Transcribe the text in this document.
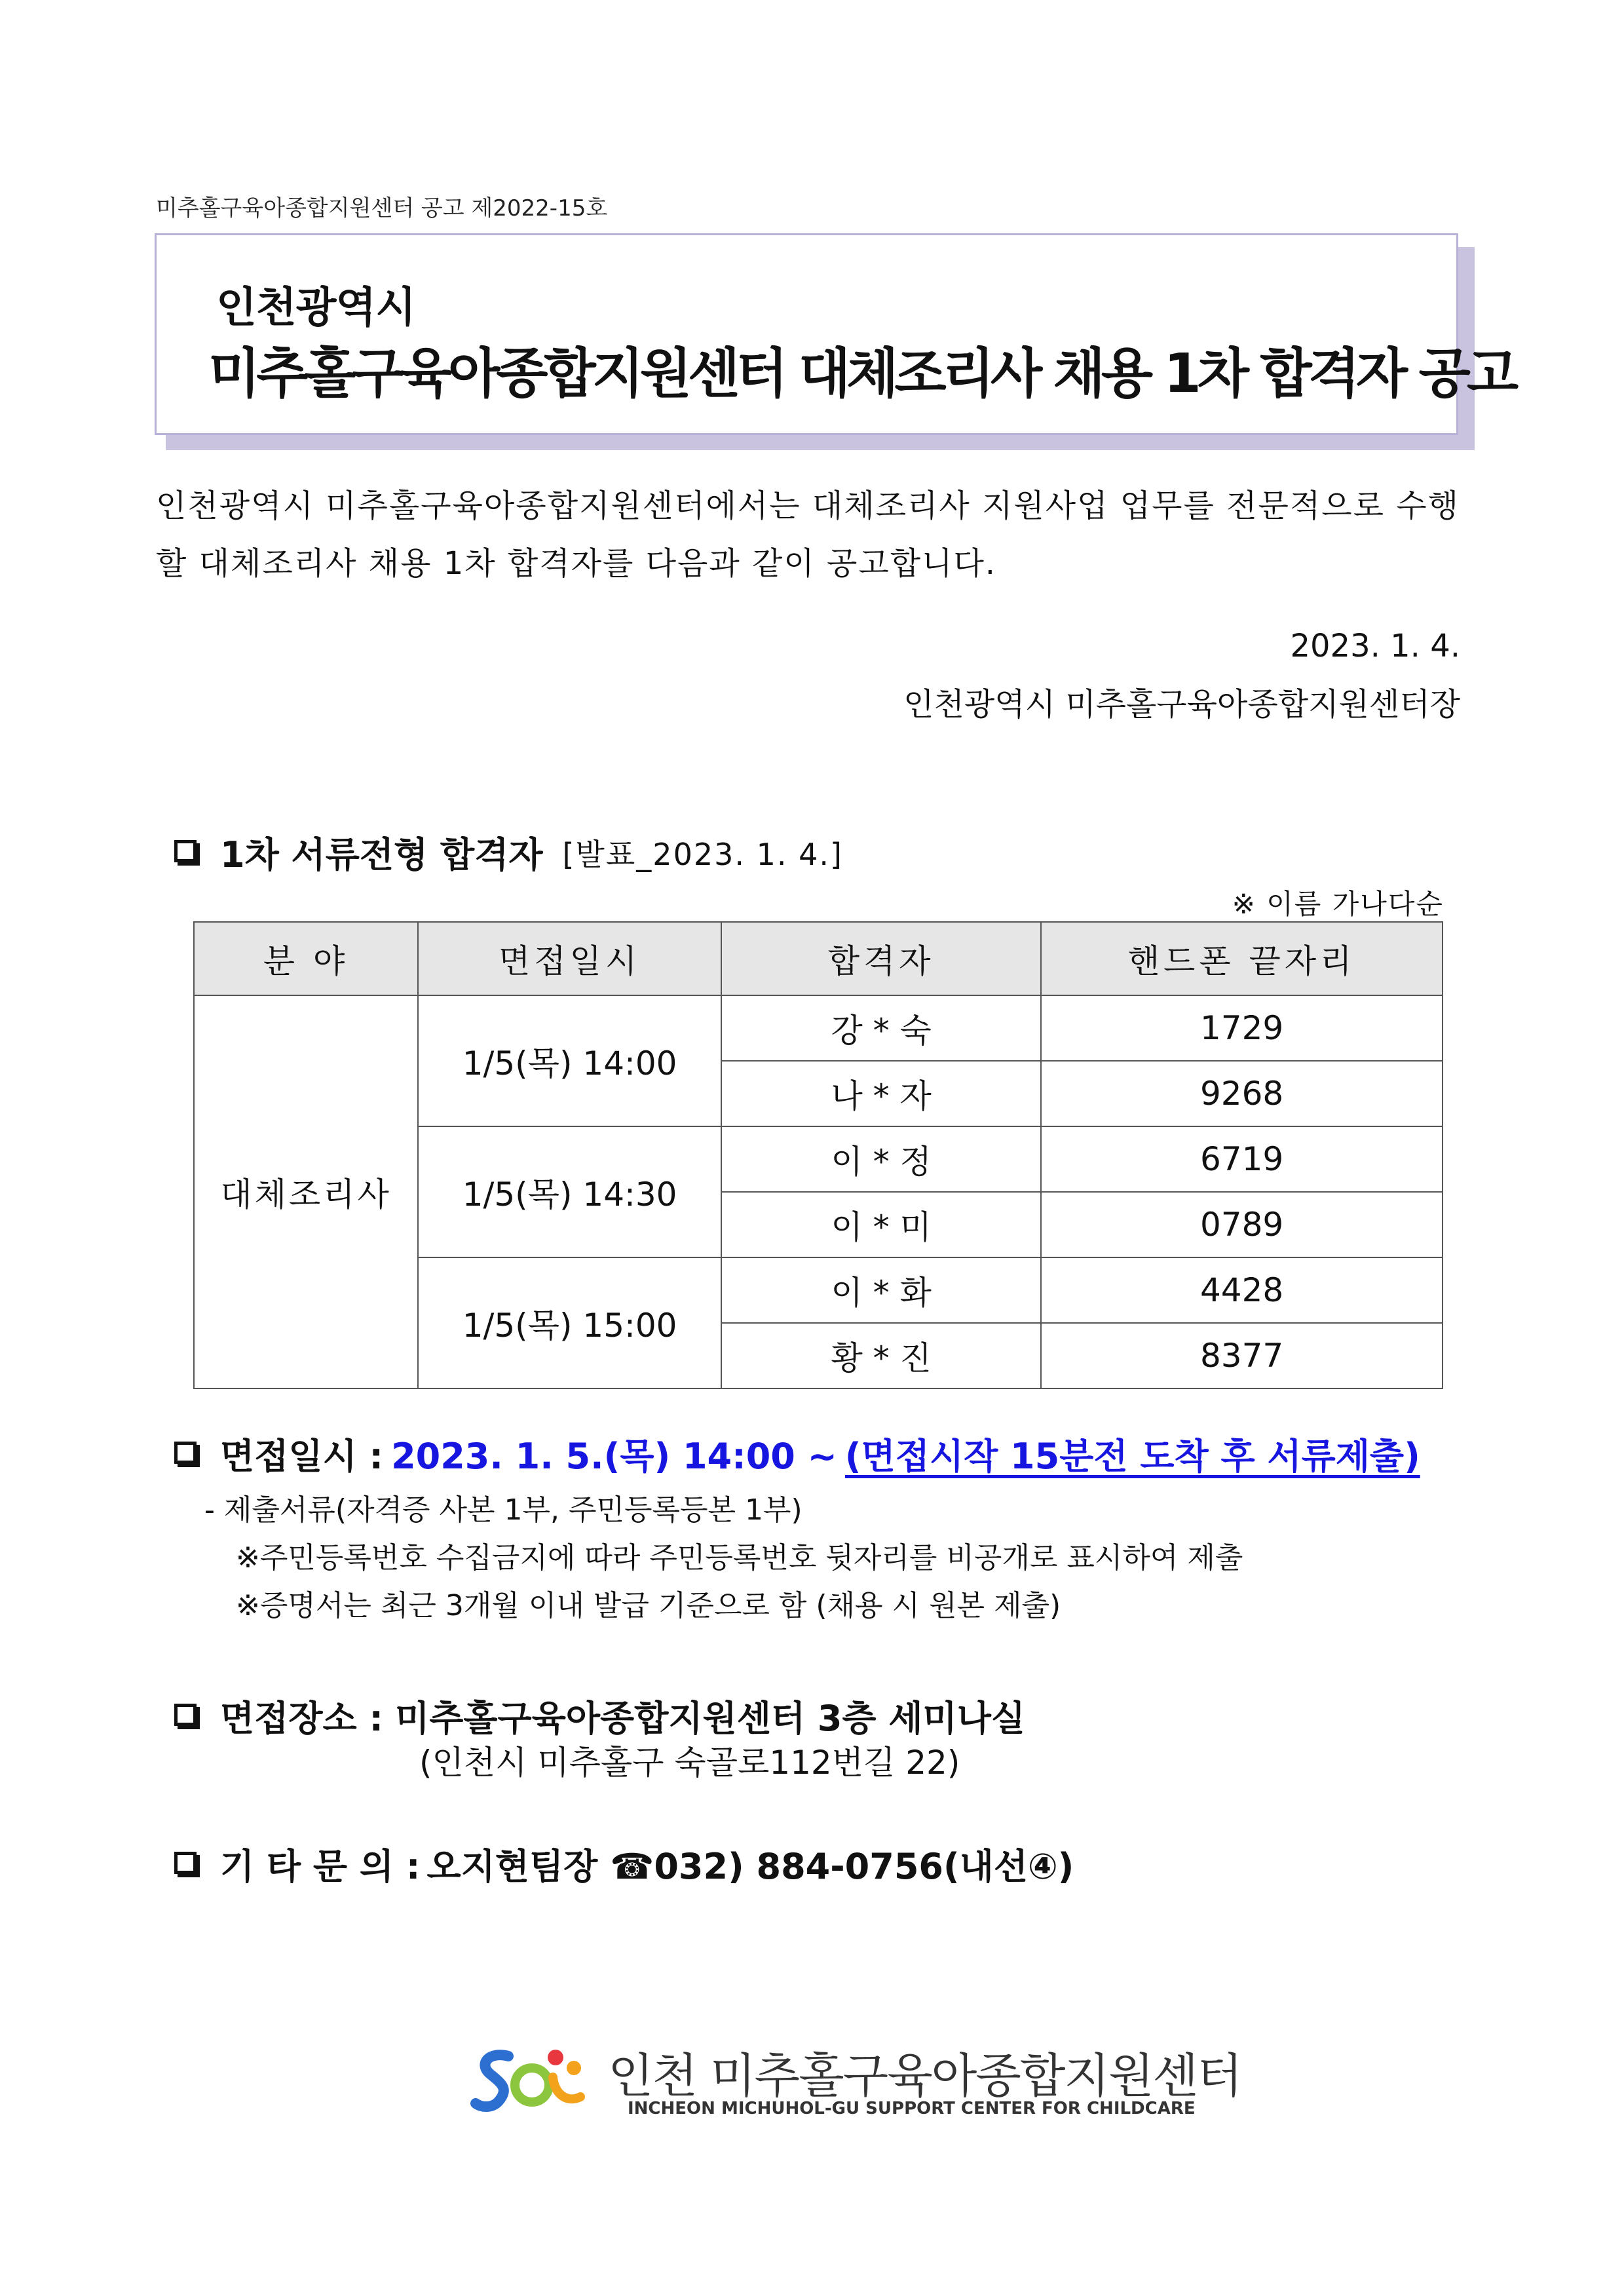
미추홀구육아종합지원센터 공고 제2022-15호
인천광역시
미추홀구육아종합지원센터 대체조리사 채용 1차 합격자 공고
인천광역시 미추홀구육아종합지원센터에서는 대체조리사 지원사업 업무를 전문적으로 수행할 대체조리사 채용 1차 합격자를 다음과 같이 공고합니다.
2023. 1. 4.
인천광역시 미추홀구육아종합지원센터장
1차 서류전형 합격자 [발표_2023. 1. 4.]
※ 이름 가나다순
분 야	면접일시	합격자	핸드폰 끝자리
대체조리사	1/5(목) 14:00	강 * 숙	1729
		나 * 자	9268
	1/5(목) 14:30	이 * 정	6719
		이 * 미	0789
	1/5(목) 15:00	이 * 화	4428
		황 * 진	8377
면접일시 : 2023. 1. 5.(목) 14:00 ~ (면접시작 15분전 도착 후 서류제출)
- 제출서류(자격증 사본 1부, 주민등록등본 1부)
※주민등록번호 수집금지에 따라 주민등록번호 뒷자리를 비공개로 표시하여 제출
※증명서는 최근 3개월 이내 발급 기준으로 함 (채용 시 원본 제출)
면접장소 : 미추홀구육아종합지원센터 3층 세미나실
(인천시 미추홀구 숙골로112번길 22)
기 타 문 의 : 오지현팀장 ☎032) 884-0756(내선④)
인천 미추홀구육아종합지원센터
INCHEON MICHUHOL-GU SUPPORT CENTER FOR CHILDCARE
